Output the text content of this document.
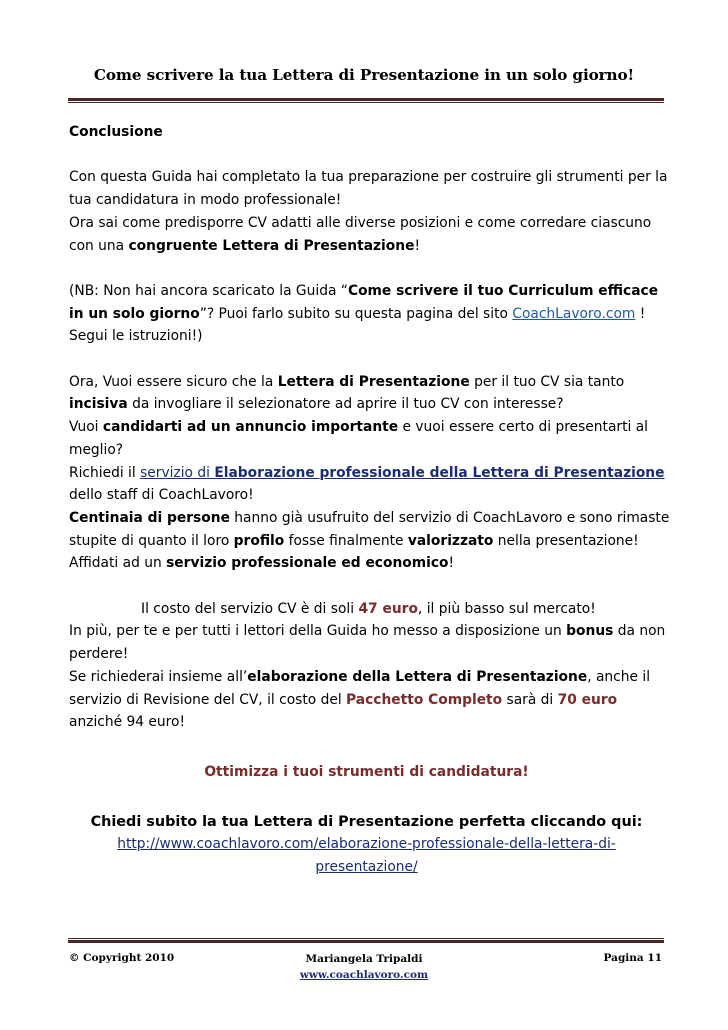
Come scrivere la tua Lettera di Presentazione in un solo giorno!

Conclusione

Con questa Guida hai completato la tua preparazione per costruire gli strumenti per la

tua candidatura in modo professionale!

Ora sai come predisporre CV adatti alle diverse posizioni e come corredare ciascuno

con una congruente Lettera di Presentazione!

(NB: Non hai ancora scaricato la Guida “Come scrivere il tuo Curriculum efficace

in un solo giorno”? Puoi farlo subito su questa pagina del sito CoachLavoro.com !

Segui le istruzioni!)

Ora, Vuoi essere sicuro che la Lettera di Presentazione per il tuo CV sia tanto

incisiva da invogliare il selezionatore ad aprire il tuo CV con interesse?

Vuoi candidarti ad un annuncio importante e vuoi essere certo di presentarti al

meglio?

Richiedi il servizio di Elaborazione professionale della Lettera di Presentazione

dello staff di CoachLavoro!

Centinaia di persone hanno già usufruito del servizio di CoachLavoro e sono rimaste

stupite di quanto il loro profilo fosse finalmente valorizzato nella presentazione!

Affidati ad un servizio professionale ed economico!

Il costo del servizio CV è di soli 47 euro, il più basso sul mercato!

In più, per te e per tutti i lettori della Guida ho messo a disposizione un bonus da non

perdere!

Se richiederai insieme all’elaborazione della Lettera di Presentazione, anche il

servizio di Revisione del CV, il costo del Pacchetto Completo sarà di 70 euro

anziché 94 euro!

Ottimizza i tuoi strumenti di candidatura!

Chiedi subito la tua Lettera di Presentazione perfetta cliccando qui:

http://www.coachlavoro.com/elaborazione-professionale-della-lettera-di-

presentazione/

© Copyright 2010	Mariangela Tripaldi
www.coachlavoro.com
Pagina 11
